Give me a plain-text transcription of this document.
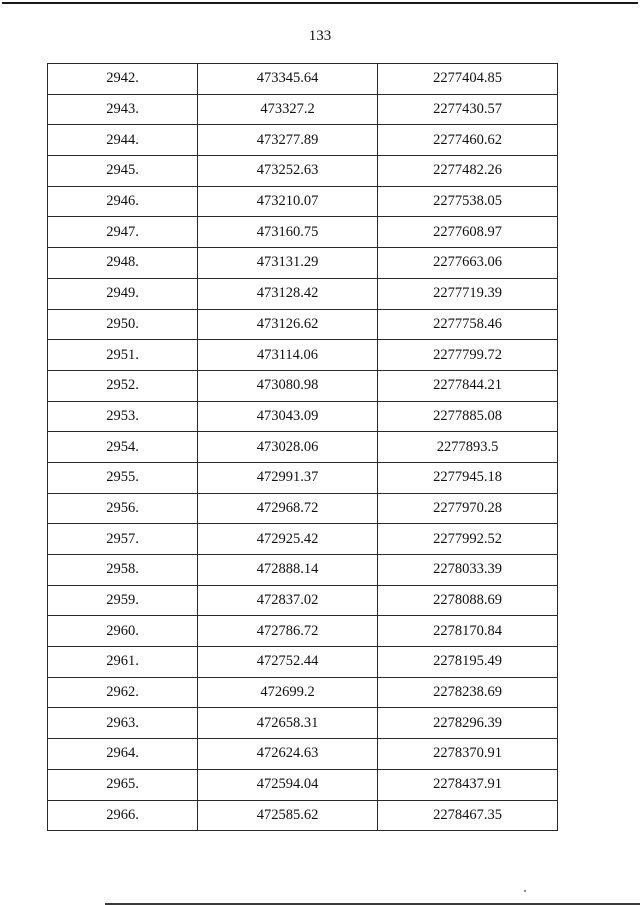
133
2942.	473345.64	2277404.85
2943.	473327.2	2277430.57
2944.	473277.89	2277460.62
2945.	473252.63	2277482.26
2946.	473210.07	2277538.05
2947.	473160.75	2277608.97
2948.	473131.29	2277663.06
2949.	473128.42	2277719.39
2950.	473126.62	2277758.46
2951.	473114.06	2277799.72
2952.	473080.98	2277844.21
2953.	473043.09	2277885.08
2954.	473028.06	2277893.5
2955.	472991.37	2277945.18
2956.	472968.72	2277970.28
2957.	472925.42	2277992.52
2958.	472888.14	2278033.39
2959.	472837.02	2278088.69
2960.	472786.72	2278170.84
2961.	472752.44	2278195.49
2962.	472699.2	2278238.69
2963.	472658.31	2278296.39
2964.	472624.63	2278370.91
2965.	472594.04	2278437.91
2966.	472585.62	2278467.35
